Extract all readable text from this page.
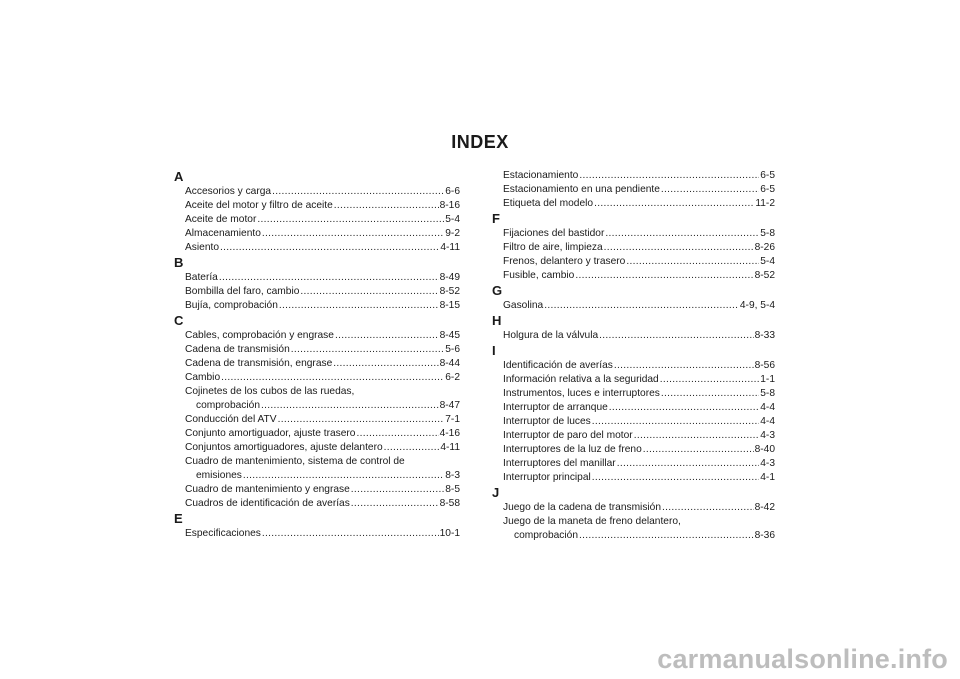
INDEX
A
Accesorios y carga .....	6-6
Aceite del motor y filtro de aceite .....	8-16
Aceite de motor .....	5-4
Almacenamiento .....	9-2
Asiento .....	4-11
B
Batería .....	8-49
Bombilla del faro, cambio .....	8-52
Bujía, comprobación .....	8-15
C
Cables, comprobación y engrase .....	8-45
Cadena de transmisión .....	5-6
Cadena de transmisión, engrase .....	8-44
Cambio .....	6-2
Cojinetes de los cubos de las ruedas,
comprobación .....	8-47
Conducción del ATV .....	7-1
Conjunto amortiguador, ajuste trasero .....	4-16
Conjuntos amortiguadores, ajuste delantero .....	4-11
Cuadro de mantenimiento, sistema de control de
emisiones .....	8-3
Cuadro de mantenimiento y engrase .....	8-5
Cuadros de identificación de averías .....	8-58
E
Especificaciones .....	10-1
Estacionamiento .....	6-5
Estacionamiento en una pendiente .....	6-5
Etiqueta del modelo .....	11-2
F
Fijaciones del bastidor .....	5-8
Filtro de aire, limpieza .....	8-26
Frenos, delantero y trasero .....	5-4
Fusible, cambio .....	8-52
G
Gasolina .....	4-9, 5-4
H
Holgura de la válvula .....	8-33
I
Identificación de averías .....	8-56
Información relativa a la seguridad .....	1-1
Instrumentos, luces e interruptores .....	5-8
Interruptor de arranque .....	4-4
Interruptor de luces .....	4-4
Interruptor de paro del motor .....	4-3
Interruptores de la luz de freno .....	8-40
Interruptores del manillar .....	4-3
Interruptor principal .....	4-1
J
Juego de la cadena de transmisión .....	8-42
Juego de la maneta de freno delantero,
comprobación .....	8-36
carmanualsonline.info
